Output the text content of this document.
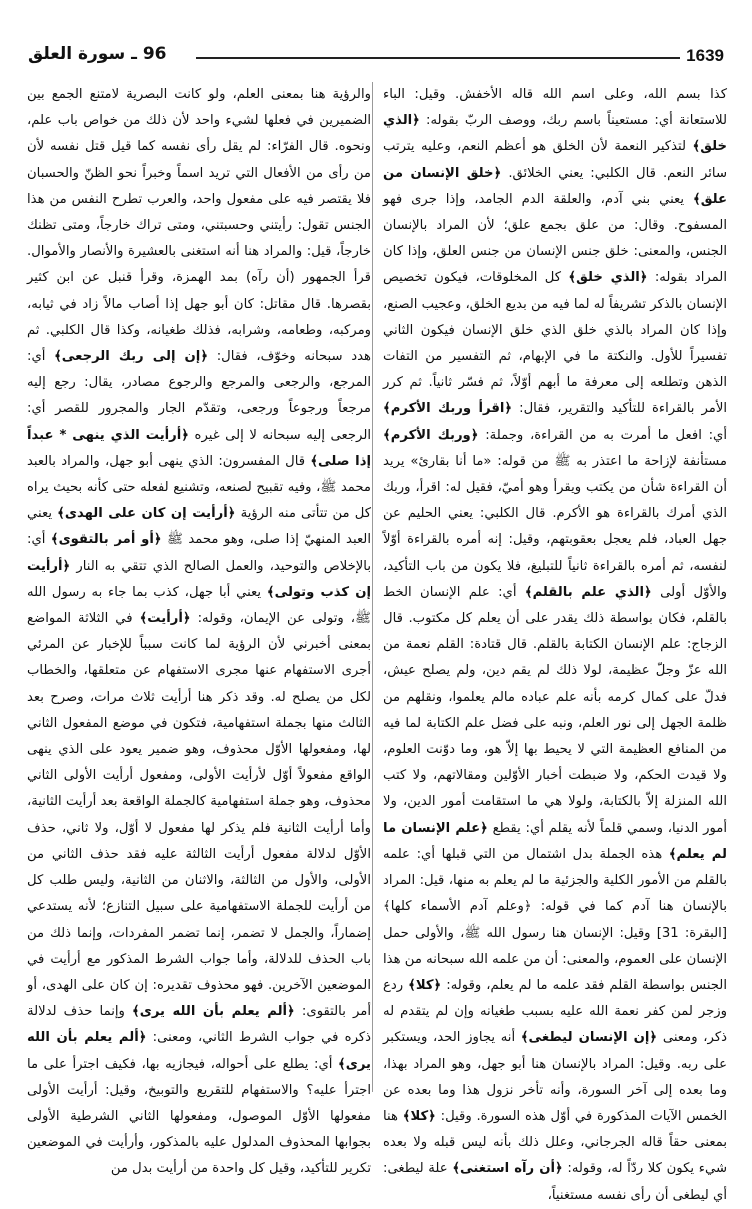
96 ـ سورة العلق	1639

كذا بسم الله، وعلى اسم الله قاله الأخفش. وقيل: الباء للاستعانة أي: مستعيناً باسم ربك، ووصف الربّ بقوله: ﴿الذي خلق﴾ لتذكير النعمة لأن الخلق هو أعظم النعم، وعليه يترتب سائر النعم. قال الكلبي: يعني الخلائق. ﴿خلق الإنسان من علق﴾ يعني بني آدم، والعلقة الدم الجامد، وإذا جرى فهو المسفوح. وقال: من علق بجمع علق؛ لأن المراد بالإنسان الجنس، والمعنى: خلق جنس الإنسان من جنس العلق، وإذا كان المراد بقوله: ﴿الذي خلق﴾ كل المخلوقات، فيكون تخصيص الإنسان بالذكر تشريفاً له لما فيه من بديع الخلق، وعجيب الصنع، وإذا كان المراد بالذي خلق الذي خلق الإنسان فيكون الثاني تفسيراً للأول. والنكتة ما في الإبهام، ثم التفسير من التفات الذهن وتطلعه إلى معرفة ما أبهم أوّلاً، ثم فسّر ثانياً. ثم كرر الأمر بالقراءة للتأكيد والتقرير، فقال: ﴿اقرأ وربك الأكرم﴾ أي: افعل ما أمرت به من القراءة، وجملة: ﴿وربك الأكرم﴾ مستأنفة لإزاحة ما اعتذر به ﷺ من قوله: «ما أنا بقارئ» يريد أن القراءة شأن من يكتب ويقرأ وهو أميّ، فقيل له: اقرأ، وربك الذي أمرك بالقراءة هو الأكرم. قال الكلبي: يعني الحليم عن جهل العباد، فلم يعجل بعقوبتهم، وقيل: إنه أمره بالقراءة أوّلاً لنفسه، ثم أمره بالقراءة ثانياً للتبليغ، فلا يكون من باب التأكيد، والأوّل أولى ﴿الذي علم بالقلم﴾ أي: علم الإنسان الخط بالقلم، فكان بواسطة ذلك يقدر على أن يعلم كل مكتوب. قال الزجاج: علم الإنسان الكتابة بالقلم. قال قتادة: القلم نعمة من الله عزّ وجلّ عظيمة، لولا ذلك لم يقم دين، ولم يصلح عيش، فدلّ على كمال كرمه بأنه علم عباده مالم يعلموا، ونقلهم من ظلمة الجهل إلى نور العلم، ونبه على فضل علم الكتابة لما فيه من المنافع العظيمة التي لا يحيط بها إلاّ هو، وما دوّنت العلوم، ولا قيدت الحكم، ولا ضبطت أخبار الأوّلين ومقالاتهم، ولا كتب الله المنزلة إلاّ بالكتابة، ولولا هي ما استقامت أمور الدين، ولا أمور الدنيا، وسمي قلماً لأنه يقلم أي: يقطع ﴿علم الإنسان ما لم يعلم﴾ هذه الجملة بدل اشتمال من التي قبلها أي: علمه بالقلم من الأمور الكلية والجزئية ما لم يعلم به منها، قيل: المراد بالإنسان هنا آدم كما في قوله: ﴿وعلم آدم الأسماء كلها﴾ [البقرة: 31] وقيل: الإنسان هنا رسول الله ﷺ، والأولى حمل الإنسان على العموم، والمعنى: أن من علمه الله سبحانه من هذا الجنس بواسطة القلم فقد علمه ما لم يعلم، وقوله: ﴿كلا﴾ ردع وزجر لمن كفر نعمة الله عليه بسبب طغيانه وإن لم يتقدم له ذكر، ومعنى ﴿إن الإنسان ليطغى﴾ أنه يجاوز الحد، ويستكبر على ربه. وقيل: المراد بالإنسان هنا أبو جهل، وهو المراد بهذا، وما بعده إلى آخر السورة، وأنه تأخر نزول هذا وما بعده عن الخمس الآيات المذكورة في أوّل هذه السورة. وقيل: ﴿كلا﴾ هنا بمعنى حقاً قاله الجرجاني، وعلل ذلك بأنه ليس قبله ولا بعده شيء يكون كلا ردّاً له، وقوله: ﴿أن رآه استغنى﴾ علة ليطغى: أي ليطغى أن رأى نفسه مستغنياً،

والرؤية هنا بمعنى العلم، ولو كانت البصرية لامتنع الجمع بين الضميرين في فعلها لشيء واحد لأن ذلك من خواص باب علم، ونحوه. قال الفرّاء: لم يقل رأى نفسه كما قيل قتل نفسه لأن من رأى من الأفعال التي تريد اسماً وخبراً نحو الظنّ والحسبان فلا يقتصر فيه على مفعول واحد، والعرب تطرح النفس من هذا الجنس تقول: رأيتني وحسبتني، ومتى تراك خارجاً، ومتى تظنك خارجاً، قيل: والمراد هنا أنه استغنى بالعشيرة والأنصار والأموال. قرأ الجمهور (أن رآه) بمد الهمزة، وقرأ قنبل عن ابن كثير بقصرها. قال مقاتل: كان أبو جهل إذا أصاب مالاً زاد في ثيابه، ومركبه، وطعامه، وشرابه، فذلك طغيانه، وكذا قال الكلبي. ثم هدد سبحانه وخوّف، فقال: ﴿إن إلى ربك الرجعى﴾ أي: المرجع، والرجعى والمرجع والرجوع مصادر، يقال: رجع إليه مرجعاً ورجوعاً ورجعى، وتقدّم الجار والمجرور للقصر أي: الرجعى إليه سبحانه لا إلى غيره ﴿أرأيت الذي ينهى * عبداً إذا صلى﴾ قال المفسرون: الذي ينهى أبو جهل، والمراد بالعبد محمد ﷺ، وفيه تقبيح لصنعه، وتشنيع لفعله حتى كأنه بحيث يراه كل من تتأتى منه الرؤية ﴿أرأيت إن كان على الهدى﴾ يعني العبد المنهيّ إذا صلى، وهو محمد ﷺ ﴿أو أمر بالتقوى﴾ أي: بالإخلاص والتوحيد، والعمل الصالح الذي تتقي به النار ﴿أرأيت إن كذب وتولى﴾ يعني أبا جهل، كذب بما جاء به رسول الله ﷺ، وتولى عن الإيمان، وقوله: ﴿أرأيت﴾ في الثلاثة المواضع بمعنى أخبرني لأن الرؤية لما كانت سبباً للإخبار عن المرئي أجرى الاستفهام عنها مجرى الاستفهام عن متعلقها، والخطاب لكل من يصلح له. وقد ذكر هنا أرأيت ثلاث مرات، وصرح بعد الثالث منها بجملة استفهامية، فتكون في موضع المفعول الثاني لها، ومفعولها الأوّل محذوف، وهو ضمير يعود على الذي ينهى الواقع مفعولاً أوّل لأرأيت الأولى، ومفعول أرأيت الأولى الثاني محذوف، وهو جملة استفهامية كالجملة الواقعة بعد أرأيت الثانية، وأما أرأيت الثانية فلم يذكر لها مفعول لا أوّل، ولا ثاني، حذف الأوّل لدلالة مفعول أرأيت الثالثة عليه فقد حذف الثاني من الأولى، والأول من الثالثة، والاثنان من الثانية، وليس طلب كل من أرأيت للجملة الاستفهامية على سبيل التنازع؛ لأنه يستدعي إضماراً، والجمل لا تضمر، إنما تضمر المفردات، وإنما ذلك من باب الحذف للدلالة، وأما جواب الشرط المذكور مع أرأيت في الموضعين الآخرين. فهو محذوف تقديره: إن كان على الهدى، أو أمر بالتقوى: ﴿ألم يعلم بأن الله يرى﴾ وإنما حذف لدلالة ذكره في جواب الشرط الثاني، ومعنى: ﴿ألم يعلم بأن الله يرى﴾ أي: يطلع على أحواله، فيجازيه بها، فكيف اجترأ على ما اجترأ عليه؟ والاستفهام للتقريع والتوبيخ، وقيل: أرأيت الأولى مفعولها الأوّل الموصول، ومفعولها الثاني الشرطية الأولى بجوابها المحذوف المدلول عليه بالمذكور، وأرأيت في الموضعين تكرير للتأكيد، وقيل كل واحدة من أرأيت بدل من
